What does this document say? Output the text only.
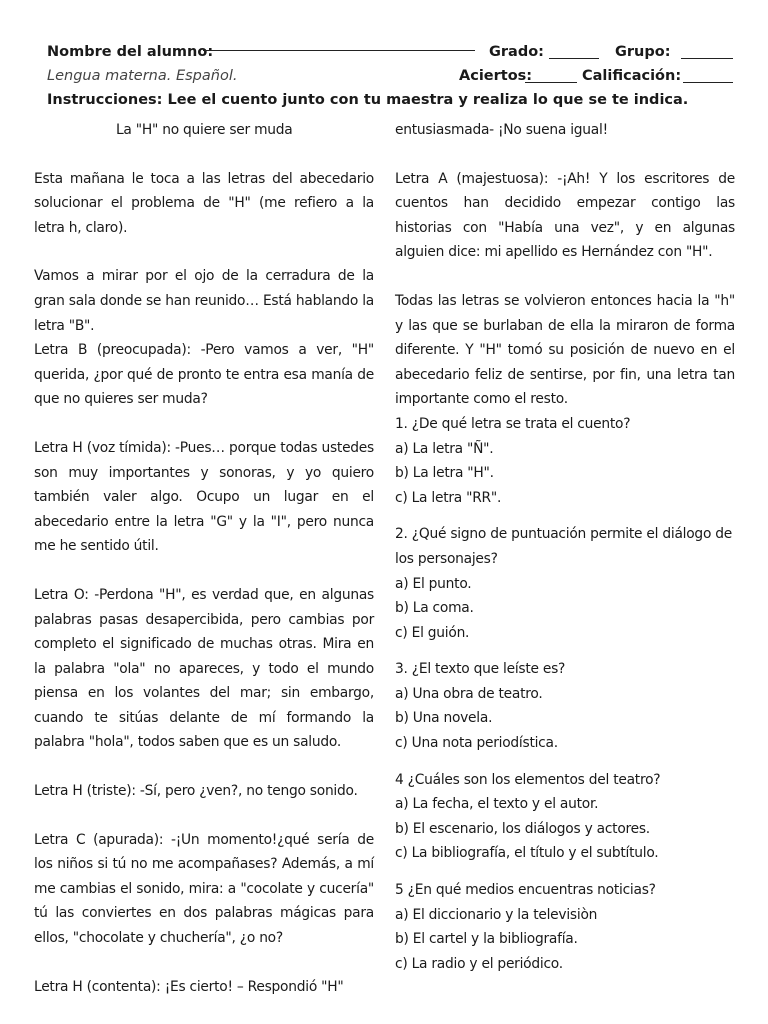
Nombre del alumno:	Grado:	Grupo:
Lengua materna. Español.	Aciertos:	Calificación:
Instrucciones: Lee el cuento junto con tu maestra y realiza lo que se te indica.

La "H" no quiere ser muda

Esta mañana le toca a las letras del abecedario solucionar el problema de "H" (me refiero a la letra h, claro).

Vamos a mirar por el ojo de la cerradura de la gran sala donde se han reunido… Está hablando la letra "B".

Letra B (preocupada): -Pero vamos a ver, "H" querida, ¿por qué de pronto te entra esa manía de que no quieres ser muda?

Letra H (voz tímida): -Pues… porque todas ustedes son muy importantes y sonoras, y yo quiero también valer algo. Ocupo un lugar en el abecedario entre la letra "G" y la "I", pero nunca me he sentido útil.

Letra O: -Perdona "H", es verdad que, en algunas palabras pasas desapercibida, pero cambias por completo el significado de muchas otras. Mira en la palabra "ola" no apareces, y todo el mundo piensa en los volantes del mar; sin embargo, cuando te sitúas delante de mí formando la palabra "hola", todos saben que es un saludo.

Letra H (triste): -Sí, pero ¿ven?, no tengo sonido.

Letra C (apurada): -¡Un momento!¿qué sería de los niños si tú no me acompañases? Además, a mí me cambias el sonido, mira: a "cocolate y cucería" tú las conviertes en dos palabras mágicas para ellos, "chocolate y chuchería", ¿o no?

Letra H (contenta): ¡Es cierto! – Respondió "H"

entusiasmada- ¡No suena igual!

Letra A (majestuosa): -¡Ah! Y los escritores de cuentos han decidido empezar contigo las historias con "Había una vez", y en algunas alguien dice: mi apellido es Hernández con "H".

Todas las letras se volvieron entonces hacia la "h" y las que se burlaban de ella la miraron de forma diferente. Y "H" tomó su posición de nuevo en el abecedario feliz de sentirse, por fin, una letra tan importante como el resto.

1. ¿De qué letra se trata el cuento?

a) La letra "Ñ".

b) La letra "H".

c) La letra "RR".

2. ¿Qué signo de puntuación permite el diálogo de los personajes?

a) El punto.

b) La coma.

c) El guión.

3. ¿El texto que leíste es?

a) Una obra de teatro.

b) Una novela.

c) Una nota periodística.

4 ¿Cuáles son los elementos del teatro?

a) La fecha, el texto y el autor.

b) El escenario, los diálogos y actores.

c) La bibliografía, el título y el subtítulo.

5 ¿En qué medios encuentras noticias?

a) El diccionario y la televisiòn

b) El cartel y la bibliografía.

c) La radio y el periódico.
